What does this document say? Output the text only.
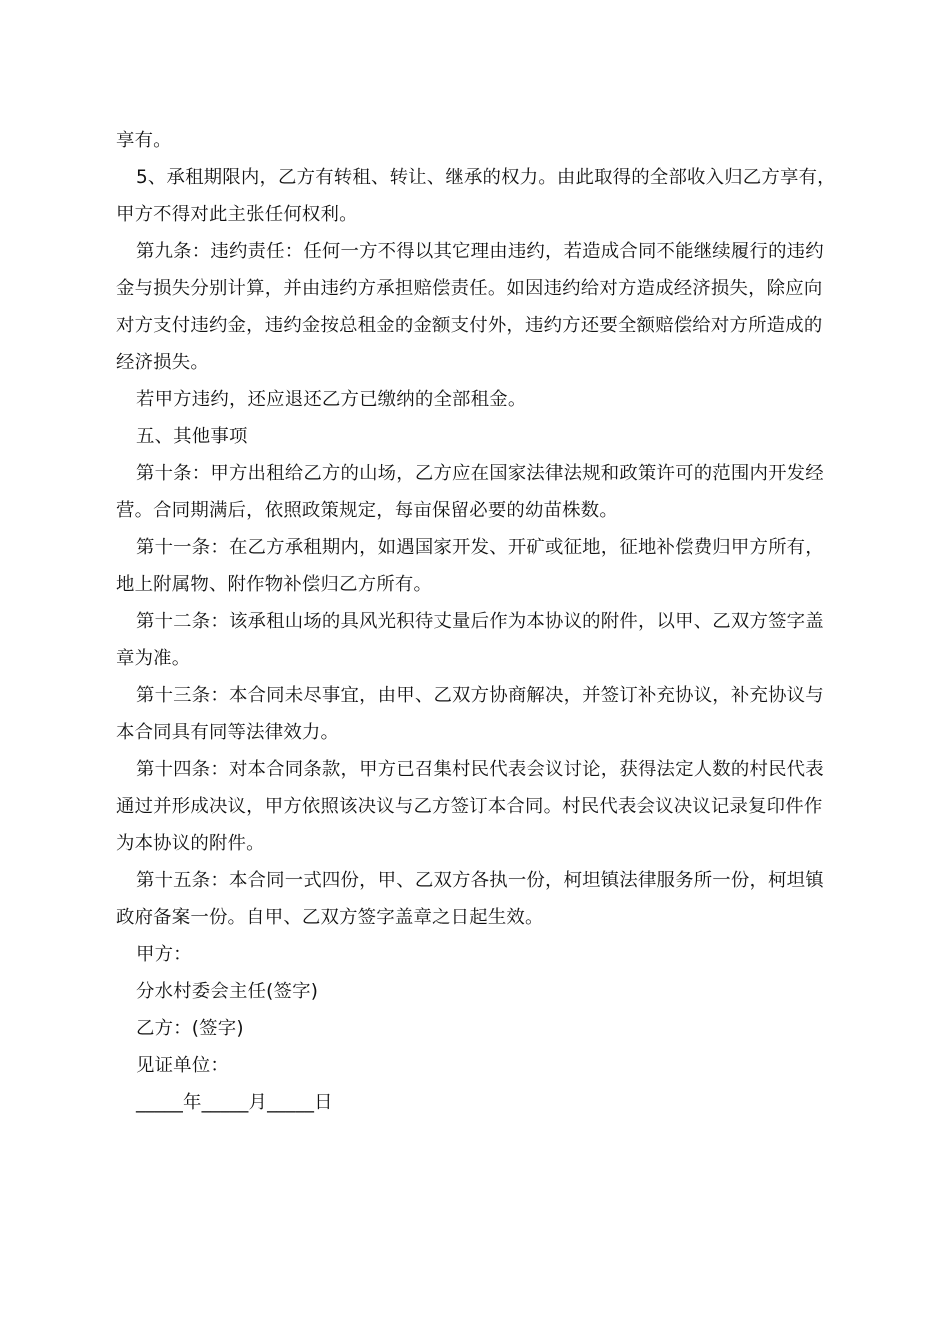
享有。

5、承租期限内，乙方有转租、转让、继承的权力。由此取得的全部收入归乙方享有，甲方不得对此主张任何权利。

第九条：违约责任：任何一方不得以其它理由违约，若造成合同不能继续履行的违约金与损失分别计算，并由违约方承担赔偿责任。如因违约给对方造成经济损失，除应向对方支付违约金，违约金按总租金的金额支付外，违约方还要全额赔偿给对方所造成的经济损失。

若甲方违约，还应退还乙方已缴纳的全部租金。

五、其他事项

第十条：甲方出租给乙方的山场，乙方应在国家法律法规和政策许可的范围内开发经营。合同期满后，依照政策规定，每亩保留必要的幼苗株数。

第十一条：在乙方承租期内，如遇国家开发、开矿或征地，征地补偿费归甲方所有，地上附属物、附作物补偿归乙方所有。

第十二条：该承租山场的具风光积待丈量后作为本协议的附件，以甲、乙双方签字盖章为准。

第十三条：本合同未尽事宜，由甲、乙双方协商解决，并签订补充协议，补充协议与本合同具有同等法律效力。

第十四条：对本合同条款，甲方已召集村民代表会议讨论，获得法定人数的村民代表通过并形成决议，甲方依照该决议与乙方签订本合同。村民代表会议决议记录复印件作为本协议的附件。

第十五条：本合同一式四份，甲、乙双方各执一份，柯坦镇法律服务所一份，柯坦镇政府备案一份。自甲、乙双方签字盖章之日起生效。

甲方：

分水村委会主任(签字)

乙方：(签字)

见证单位：

_____年_____月_____日
